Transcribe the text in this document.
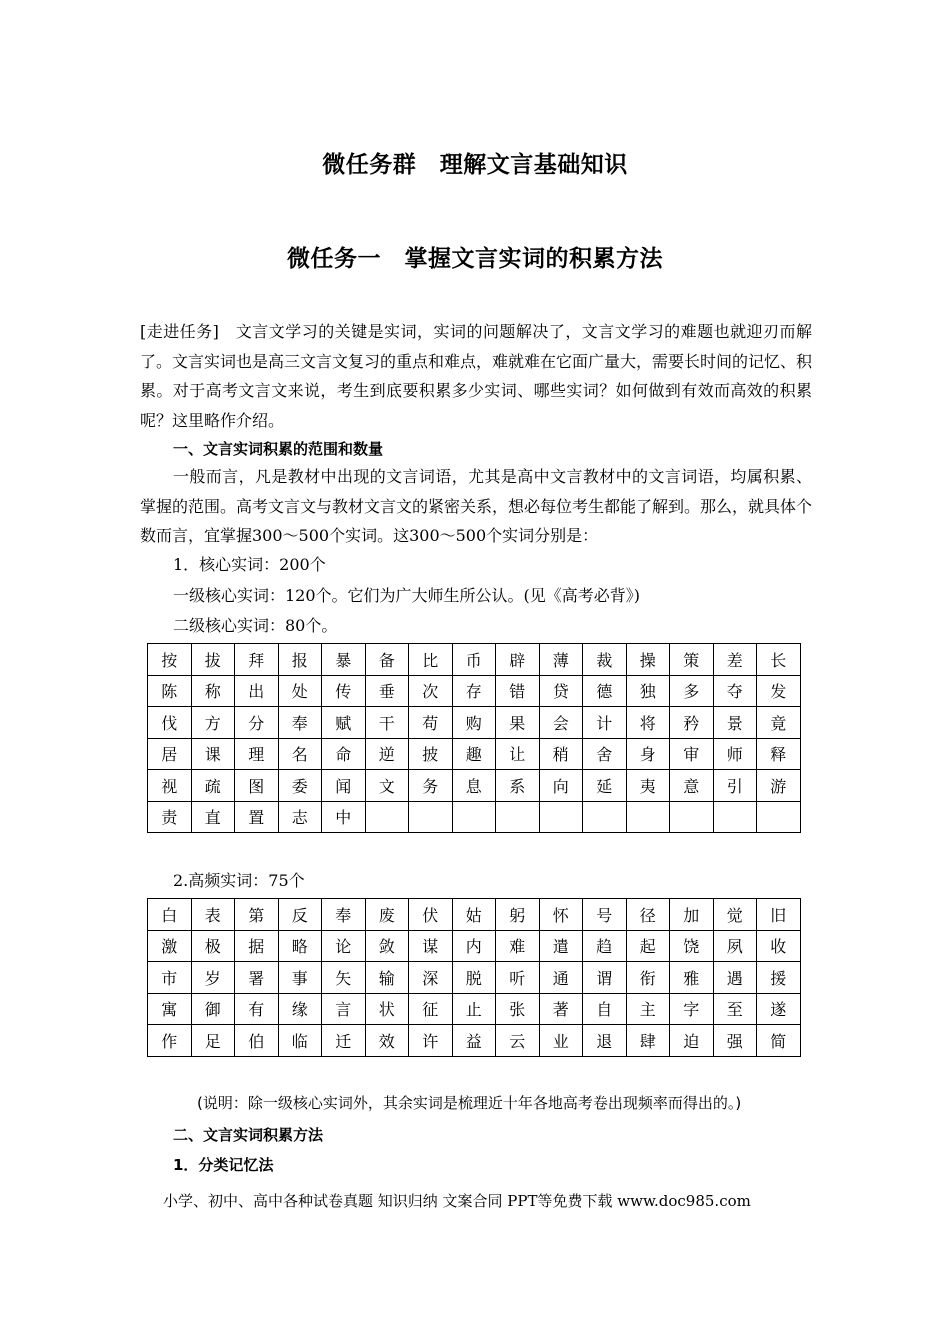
微任务群　理解文言基础知识
微任务一　掌握文言实词的积累方法
[走进任务]　文言文学习的关键是实词，实词的问题解决了，文言文学习的难题也就迎刃而解了。文言实词也是高三文言文复习的重点和难点，难就难在它面广量大，需要长时间的记忆、积累。对于高考文言文来说，考生到底要积累多少实词、哪些实词？如何做到有效而高效的积累呢？这里略作介绍。
一、文言实词积累的范围和数量
一般而言，凡是教材中出现的文言词语，尤其是高中文言教材中的文言词语，均属积累、掌握的范围。高考文言文与教材文言文的紧密关系，想必每位考生都能了解到。那么，就具体个数而言，宜掌握300～500个实词。这300～500个实词分别是：
1．核心实词：200个
一级核心实词：120个。它们为广大师生所公认。(见《高考必背》)
二级核心实词：80个。
按	拔	拜	报	暴	备	比	币	辟	薄	裁	操	策	差	长
陈	称	出	处	传	垂	次	存	错	贷	德	独	多	夺	发
伐	方	分	奉	赋	干	苟	购	果	会	计	将	矜	景	竟
居	课	理	名	命	逆	披	趣	让	稍	舍	身	审	师	释
视	疏	图	委	闻	文	务	息	系	向	延	夷	意	引	游
责	直	置	志	中										
2.高频实词：75个
白	表	第	反	奉	废	伏	姑	躬	怀	号	径	加	觉	旧
激	极	据	略	论	敛	谋	内	难	遣	趋	起	饶	夙	收
市	岁	署	事	矢	输	深	脱	听	通	谓	衔	雅	遇	援
寓	御	有	缘	言	状	征	止	张	著	自	主	字	至	遂
作	足	伯	临	迁	效	许	益	云	业	退	肆	迫	强	简
(说明：除一级核心实词外，其余实词是梳理近十年各地高考卷出现频率而得出的。)
二、文言实词积累方法
1．分类记忆法
小学、初中、高中各种试卷真题 知识归纳 文案合同 PPT等免费下载 www.doc985.com
